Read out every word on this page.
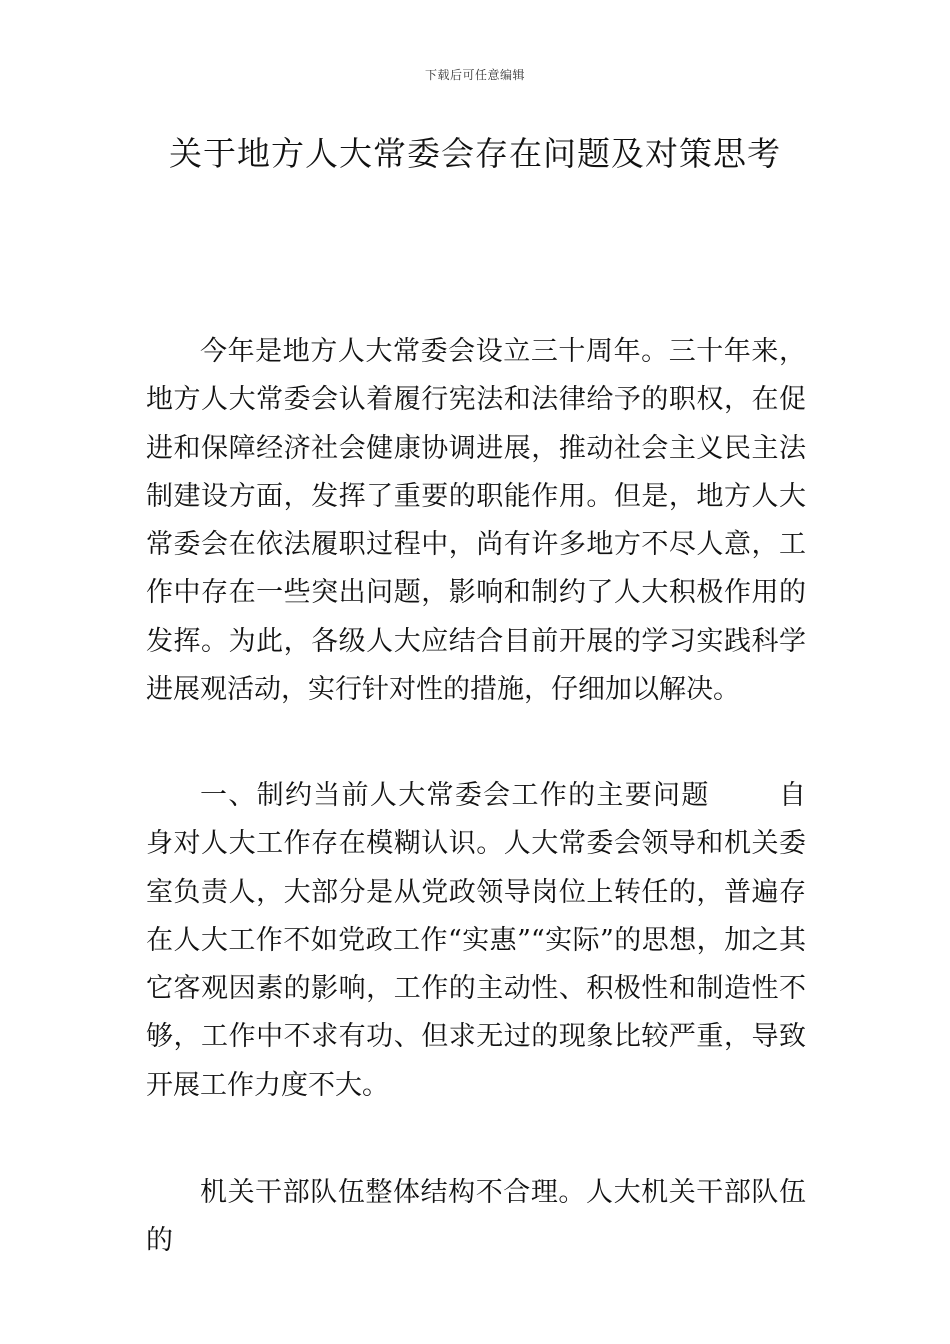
下载后可任意编辑
关于地方人大常委会存在问题及对策思考

今年是地方人大常委会设立三十周年。三十年来，地方人大常委会认着履行宪法和法律给予的职权，在促进和保障经济社会健康协调进展，推动社会主义民主法制建设方面，发挥了重要的职能作用。但是，地方人大常委会在依法履职过程中，尚有许多地方不尽人意，工作中存在一些突出问题，影响和制约了人大积极作用的发挥。为此，各级人大应结合目前开展的学习实践科学进展观活动，实行针对性的措施，仔细加以解决。

一、制约当前人大常委会工作的主要问题	自身对人大工作存在模糊认识。人大常委会领导和机关委室负责人，大部分是从党政领导岗位上转任的，普遍存在人大工作不如党政工作“实惠”“实际”的思想，加之其它客观因素的影响，工作的主动性、积极性和制造性不够，工作中不求有功、但求无过的现象比较严重，导致开展工作力度不大。

机关干部队伍整体结构不合理。人大机关干部队伍的
